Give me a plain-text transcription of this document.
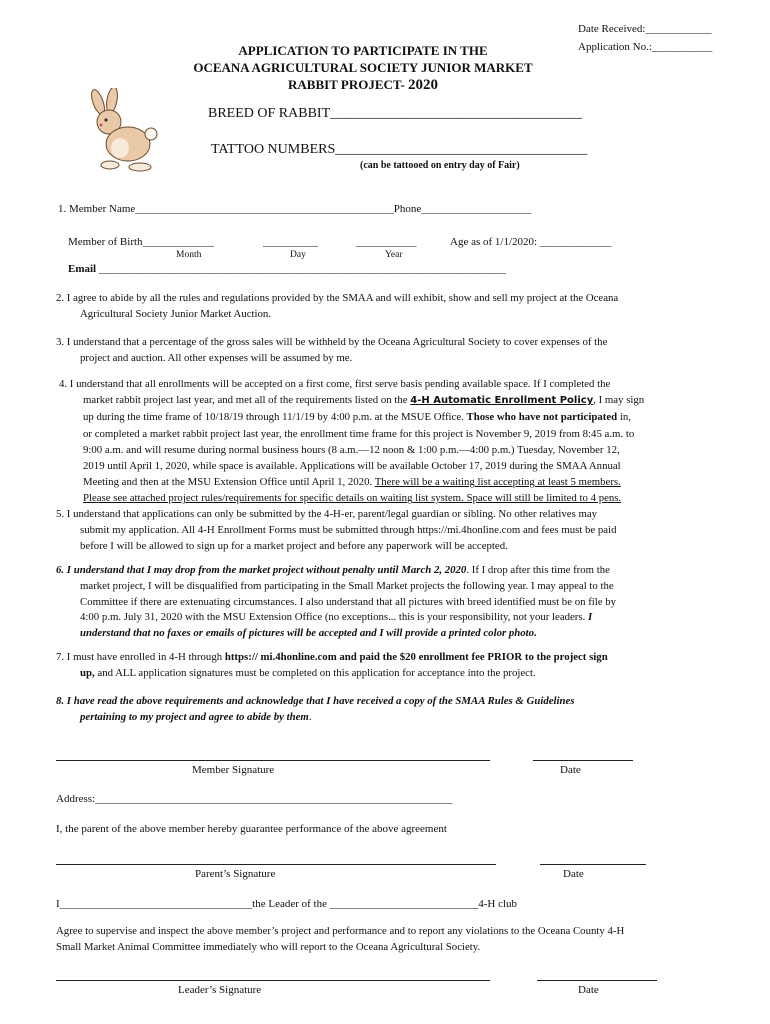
Date Received:____________
Application No.:___________
APPLICATION TO PARTICIPATE IN THE
OCEANA AGRICULTURAL SOCIETY JUNIOR MARKET
RABBIT PROJECT- 2020
BREED OF RABBIT____________________________________
TATTOO NUMBERS____________________________________
(can be tattooed on entry day of Fair)
1. Member Name_______________________________________________Phone____________________
Member of Birth_____________	__________	___________	Age as of 1/1/2020: _____________
Month	Day	Year
Email __________________________________________________________________________

2. I agree to abide by all the rules and regulations provided by the SMAA and will exhibit, show and sell my project at the Oceana

Agricultural Society Junior Market Auction.

3. I understand that a percentage of the gross sales will be withheld by the Oceana Agricultural Society to cover expenses of the

project and auction. All other expenses will be assumed by me.

4. I understand that all enrollments will be accepted on a first come, first serve basis pending available space. If I completed the

market rabbit project last year, and met all of the requirements listed on the 4-H Automatic Enrollment Policy, I may sign

up during the time frame of 10/18/19 through 11/1/19 by 4:00 p.m. at the MSUE Office. Those who have not participated in,

or completed a market rabbit project last year, the enrollment time frame for this project is November 9, 2019 from 8:45 a.m. to

9:00 a.m. and will resume during normal business hours (8 a.m.—12 noon & 1:00 p.m.—4:00 p.m.) Tuesday, November 12,

2019 until April 1, 2020, while space is available. Applications will be available October 17, 2019 during the SMAA Annual

Meeting and then at the MSU Extension Office until April 1, 2020. There will be a waiting list accepting at least 5 members.

Please see attached project rules/requirements for specific details on waiting list system. Space will still be limited to 4 pens.

5. I understand that applications can only be submitted by the 4-H-er, parent/legal guardian or sibling. No other relatives may

submit my application. All 4-H Enrollment Forms must be submitted through https://mi.4honline.com and fees must be paid

before I will be allowed to sign up for a market project and before any paperwork will be accepted.

6. I understand that I may drop from the market project without penalty until March 2, 2020. If I drop after this time from the

market project, I will be disqualified from participating in the Small Market projects the following year. I may appeal to the

Committee if there are extenuating circumstances. I also understand that all pictures with breed identified must be on file by

4:00 p.m. July 31, 2020 with the MSU Extension Office (no exceptions... this is your responsibility, not your leaders. I

understand that no faxes or emails of pictures will be accepted and I will provide a printed color photo.

7. I must have enrolled in 4-H through https:// mi.4honline.com and paid the $20 enrollment fee PRIOR to the project sign

up, and ALL application signatures must be completed on this application for acceptance into the project.

8. I have read the above requirements and acknowledge that I have received a copy of the SMAA Rules & Guidelines

pertaining to my project and agree to abide by them.

Member Signature	Date
Address:_________________________________________________________________
I, the parent of the above member hereby guarantee performance of the above agreement
Parent’s Signature	Date
I___________________________________the Leader of the ___________________________4-H club

Agree to supervise and inspect the above member’s project and performance and to report any violations to the Oceana County 4-H

Small Market Animal Committee immediately who will report to the Oceana Agricultural Society.

Leader’s Signature	Date
